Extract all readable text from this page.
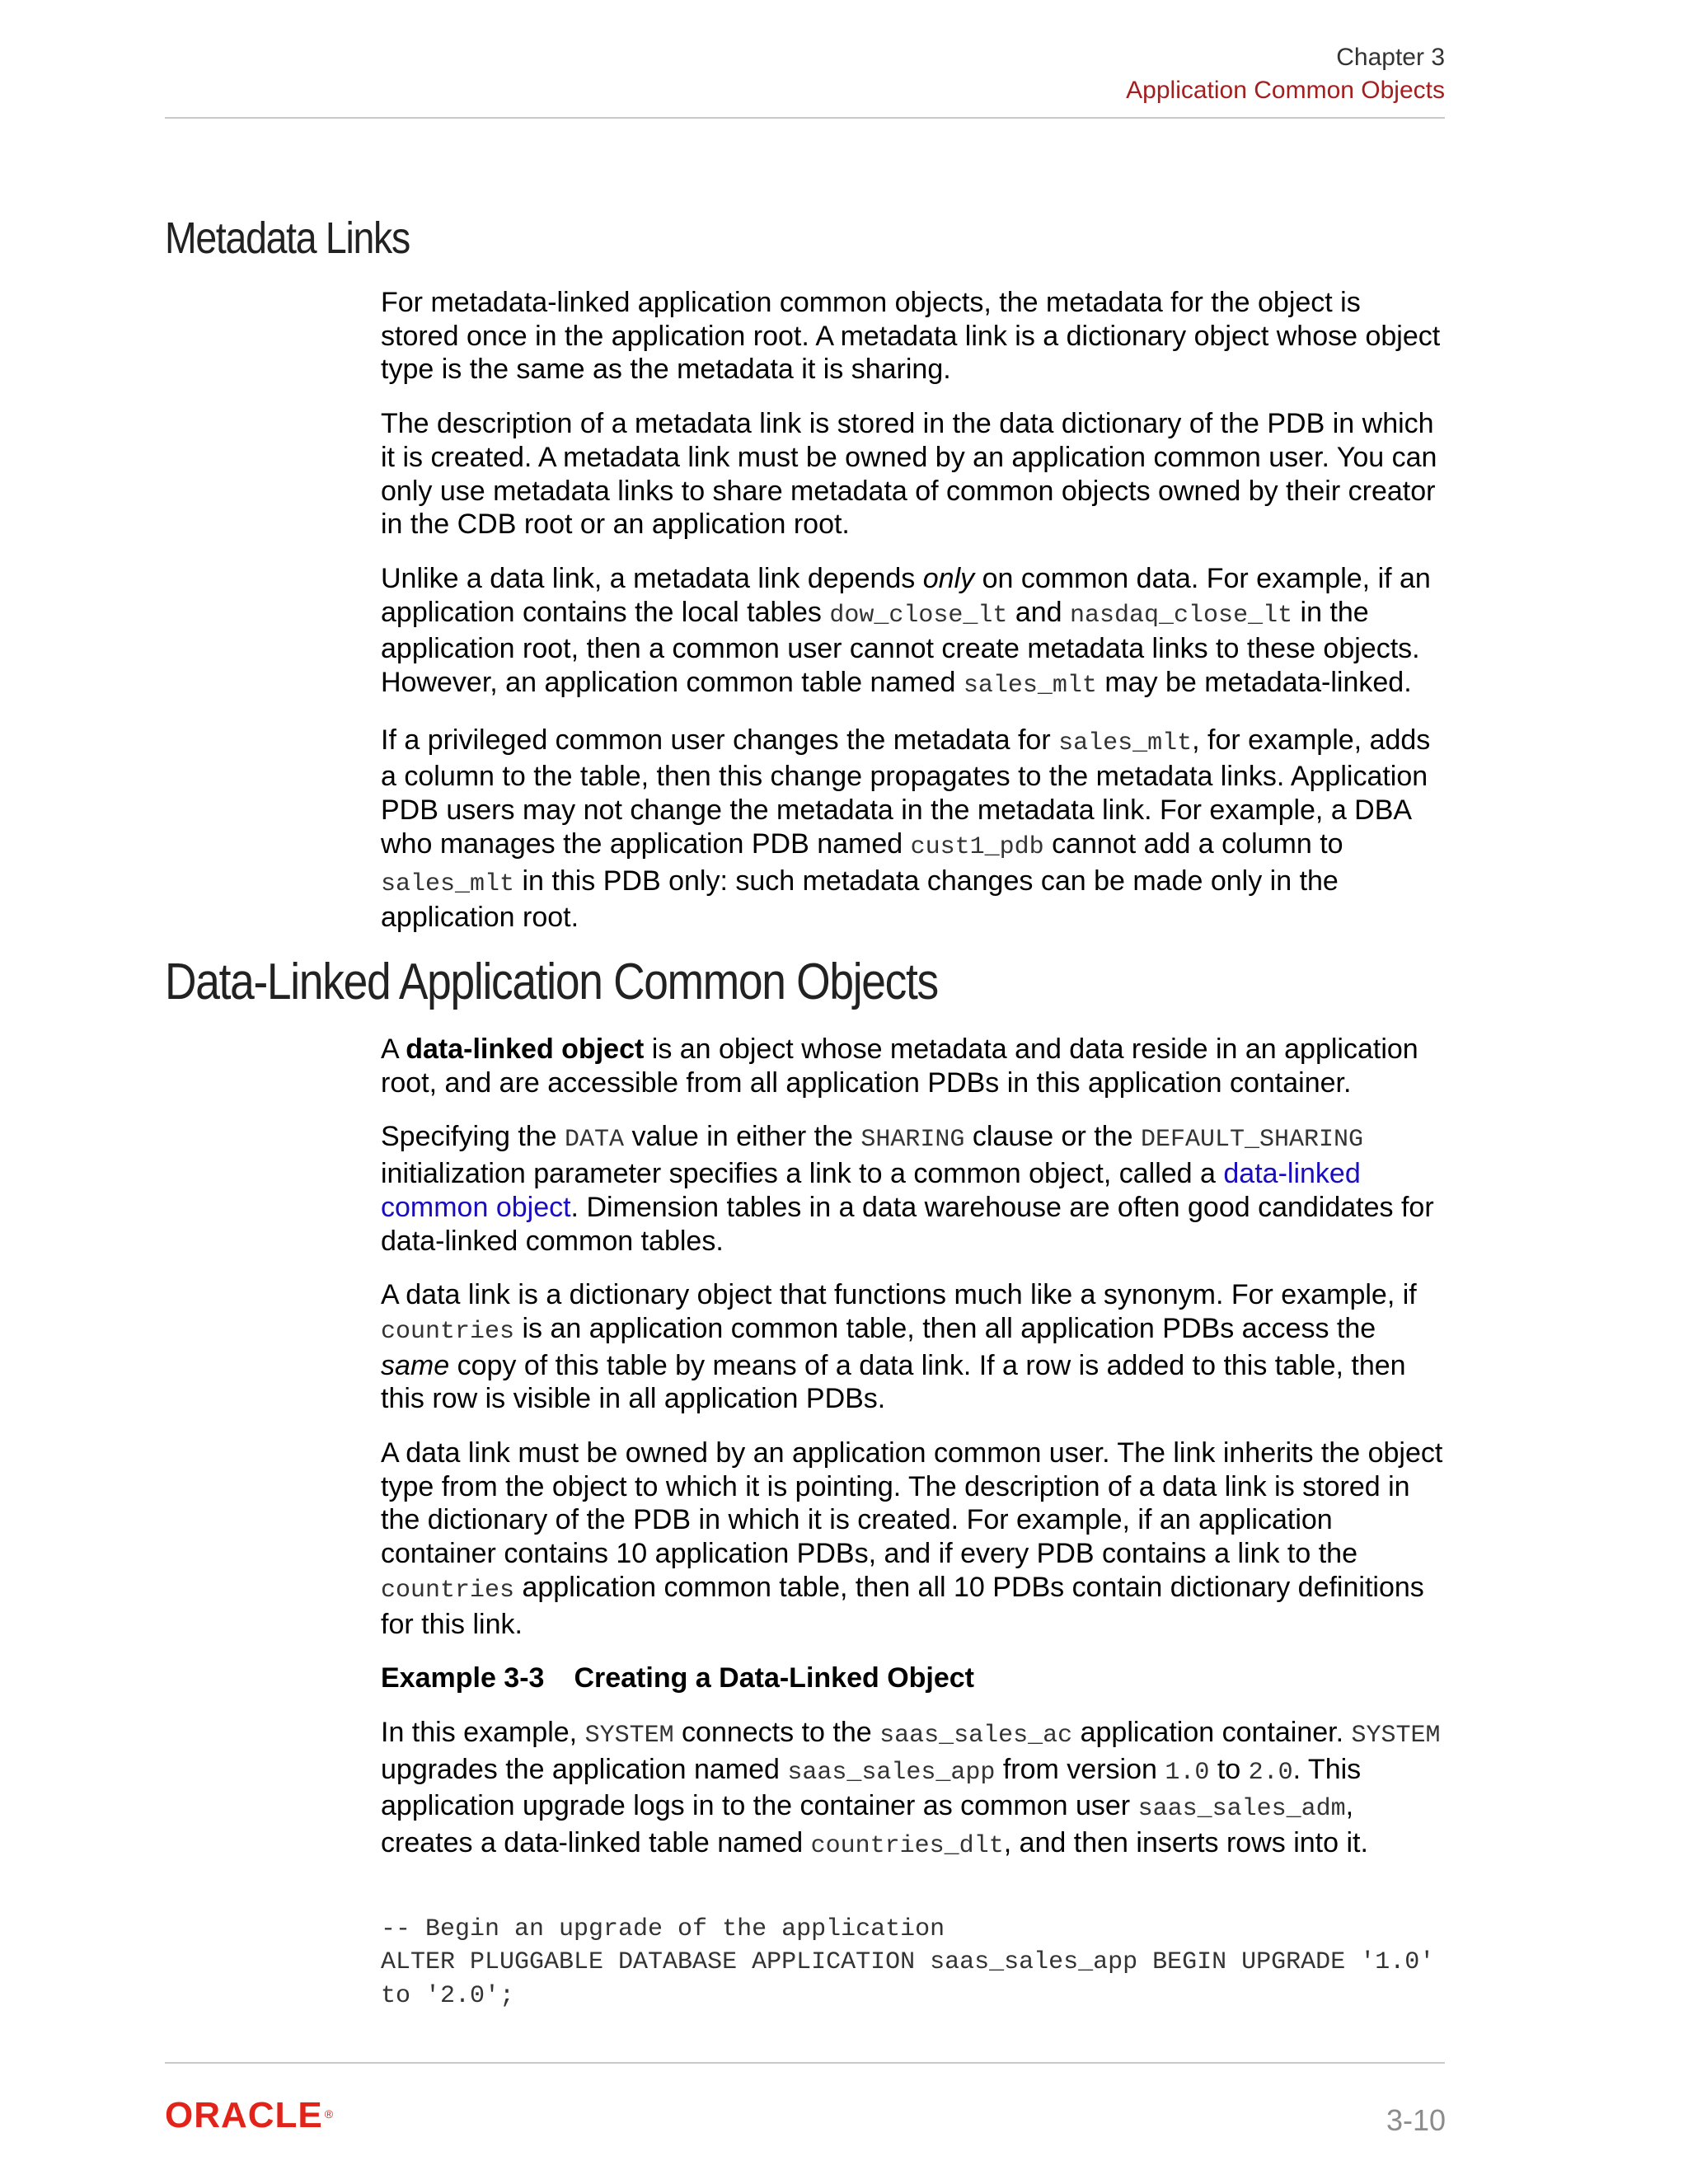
Chapter 3
Application Common Objects
Metadata Links

For metadata-linked application common objects, the metadata for the object is stored once in the application root. A metadata link is a dictionary object whose object type is the same as the metadata it is sharing.

The description of a metadata link is stored in the data dictionary of the PDB in which it is created. A metadata link must be owned by an application common user. You can only use metadata links to share metadata of common objects owned by their creator in the CDB root or an application root.

Unlike a data link, a metadata link depends only on common data. For example, if an application contains the local tables dow_close_lt and nasdaq_close_lt in the application root, then a common user cannot create metadata links to these objects. However, an application common table named sales_mlt may be metadata-linked.

If a privileged common user changes the metadata for sales_mlt, for example, adds a column to the table, then this change propagates to the metadata links. Application PDB users may not change the metadata in the metadata link. For example, a DBA who manages the application PDB named cust1_pdb cannot add a column to sales_mlt in this PDB only: such metadata changes can be made only in the application root.

Data-Linked Application Common Objects

A data-linked object is an object whose metadata and data reside in an application root, and are accessible from all application PDBs in this application container.

Specifying the DATA value in either the SHARING clause or the DEFAULT_SHARING initialization parameter specifies a link to a common object, called a data-linked common object. Dimension tables in a data warehouse are often good candidates for data-linked common tables.

A data link is a dictionary object that functions much like a synonym. For example, if countries is an application common table, then all application PDBs access the same copy of this table by means of a data link. If a row is added to this table, then this row is visible in all application PDBs.

A data link must be owned by an application common user. The link inherits the object type from the object to which it is pointing. The description of a data link is stored in the dictionary of the PDB in which it is created. For example, if an application container contains 10 application PDBs, and if every PDB contains a link to the countries application common table, then all 10 PDBs contain dictionary definitions for this link.

Example 3-3 Creating a Data-Linked Object

In this example, SYSTEM connects to the saas_sales_ac application container. SYSTEM upgrades the application named saas_sales_app from version 1.0 to 2.0. This application upgrade logs in to the container as common user saas_sales_adm, creates a data-linked table named countries_dlt, and then inserts rows into it.

-- Begin an upgrade of the application
ALTER PLUGGABLE DATABASE APPLICATION saas_sales_app BEGIN UPGRADE '1.0'
to '2.0';
ORACLE ®	3-10
